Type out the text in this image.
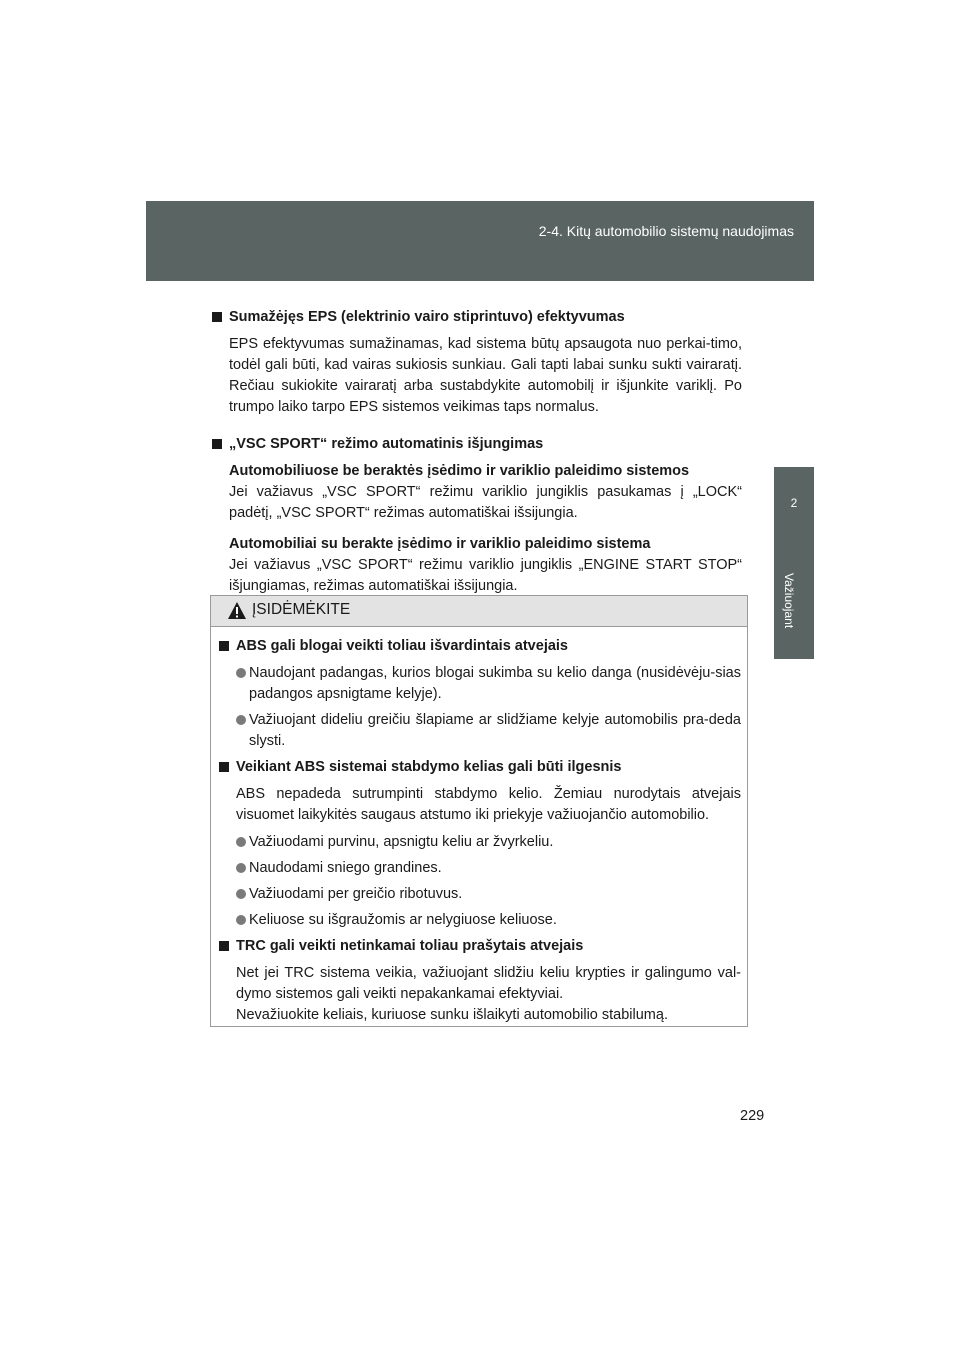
2-4. Kitų automobilio sistemų naudojimas
2
Važiuojant
Sumažėjęs EPS (elektrinio vairo stiprintuvo) efektyvumas
EPS efektyvumas sumažinamas, kad sistema būtų apsaugota nuo perkai-timo, todėl gali būti, kad vairas sukiosis sunkiau. Gali tapti labai sunku sukti vairaratį. Rečiau sukiokite vairaratį arba sustabdykite automobilį ir išjunkite variklį. Po trumpo laiko tarpo EPS sistemos veikimas taps normalus.
„VSC SPORT“ režimo automatinis išjungimas
Automobiliuose be beraktės įsėdimo ir variklio paleidimo sistemos
Jei važiavus „VSC SPORT“ režimu variklio jungiklis pasukamas į „LOCK“ padėtį, „VSC SPORT“ režimas automatiškai išsijungia.
Automobiliai su berakte įsėdimo ir variklio paleidimo sistema
Jei važiavus „VSC SPORT“ režimu variklio jungiklis „ENGINE START STOP“ išjungiamas, režimas automatiškai išsijungia.
ĮSIDĖMĖKITE
ABS gali blogai veikti toliau išvardintais atvejais
Naudojant padangas, kurios blogai sukimba su kelio danga (nusidėvėju-sias padangos apsnigtame kelyje).
Važiuojant dideliu greičiu šlapiame ar slidžiame kelyje automobilis pra-deda slysti.
Veikiant ABS sistemai stabdymo kelias gali būti ilgesnis
ABS nepadeda sutrumpinti stabdymo kelio. Žemiau nurodytais atvejais visuomet laikykitės saugaus atstumo iki priekyje važiuojančio automobilio.
Važiuodami purvinu, apsnigtu keliu ar žvyrkeliu.
Naudodami sniego grandines.
Važiuodami per greičio ribotuvus.
Keliuose su išgraužomis ar nelygiuose keliuose.
TRC gali veikti netinkamai toliau prašytais atvejais
Net jei TRC sistema veikia, važiuojant slidžiu keliu krypties ir galingumo val-dymo sistemos gali veikti nepakankamai efektyviai.
Nevažiuokite keliais, kuriuose sunku išlaikyti automobilio stabilumą.
229
